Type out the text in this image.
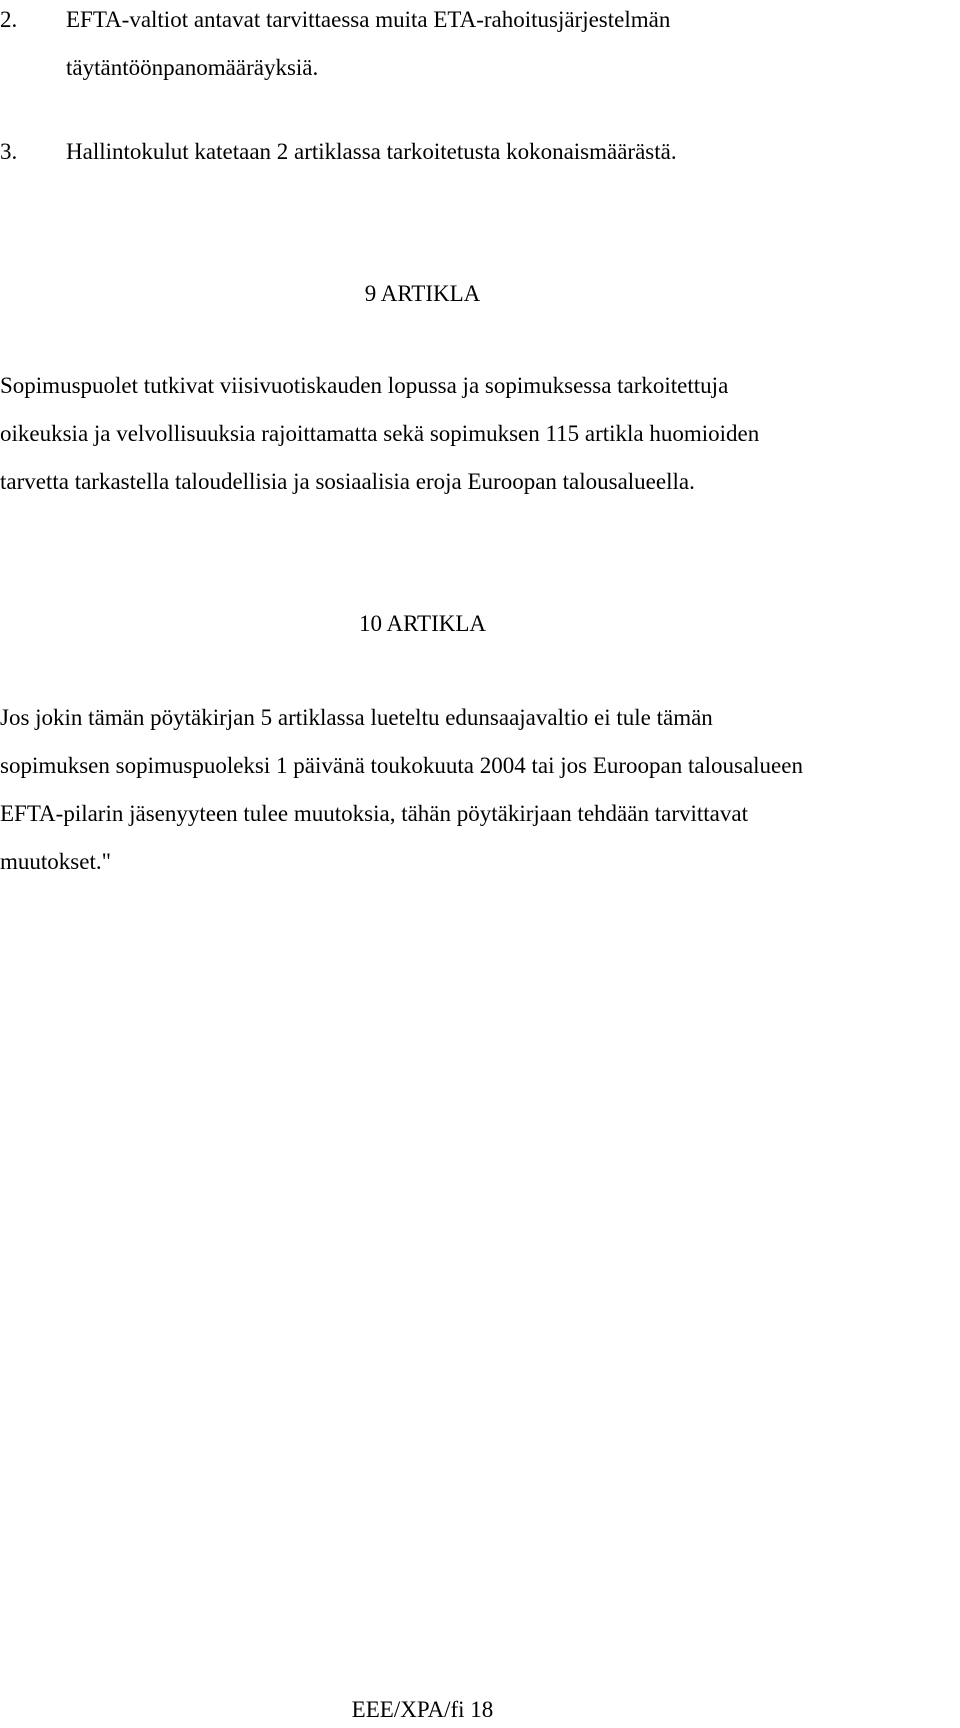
2. EFTA-valtiot antavat tarvittaessa muita ETA-rahoitusjärjestelmän
täytäntöönpanomääräyksiä.
3. Hallintokulut katetaan 2 artiklassa tarkoitetusta kokonaismäärästä.
9 ARTIKLA
Sopimuspuolet tutkivat viisivuotiskauden lopussa ja sopimuksessa tarkoitettuja
oikeuksia ja velvollisuuksia rajoittamatta sekä sopimuksen 115 artikla huomioiden
tarvetta tarkastella taloudellisia ja sosiaalisia eroja Euroopan talousalueella.
10 ARTIKLA
Jos jokin tämän pöytäkirjan 5 artiklassa lueteltu edunsaajavaltio ei tule tämän
sopimuksen sopimuspuoleksi 1 päivänä toukokuuta 2004 tai jos Euroopan talousalueen
EFTA-pilarin jäsenyyteen tulee muutoksia, tähän pöytäkirjaan tehdään tarvittavat
muutokset."
EEE/XPA/fi 18
